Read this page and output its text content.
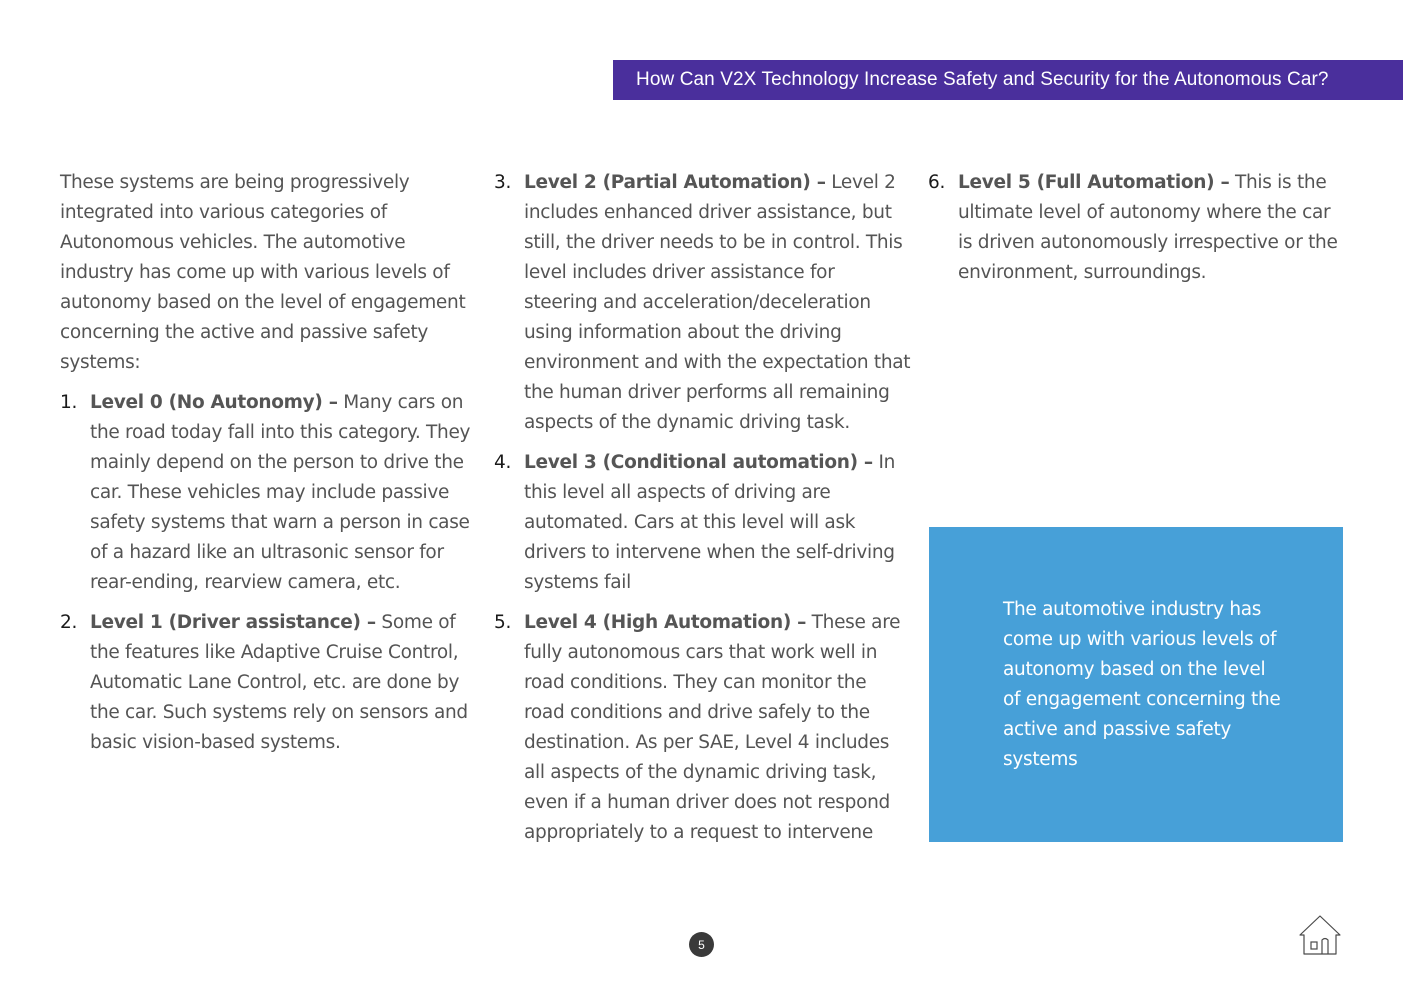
How Can V2X Technology Increase Safety and Security for the Autonomous Car?

These systems are being progressively integrated into various categories of Autonomous vehicles. The automotive industry has come up with various levels of autonomy based on the level of engagement concerning the active and passive safety systems:

1. Level 0 (No Autonomy) – Many cars on the road today fall into this category. They mainly depend on the person to drive the car. These vehicles may include passive safety systems that warn a person in case of a hazard like an ultrasonic sensor for rear-ending, rearview camera, etc.
2. Level 1 (Driver assistance) – Some of the features like Adaptive Cruise Control, Automatic Lane Control, etc. are done by the car. Such systems rely on sensors and basic vision-based systems.
3. Level 2 (Partial Automation) – Level 2 includes enhanced driver assistance, but still, the driver needs to be in control. This level includes driver assistance for steering and acceleration/deceleration using information about the driving environment and with the expectation that the human driver performs all remaining aspects of the dynamic driving task.
4. Level 3 (Conditional automation) – In this level all aspects of driving are automated. Cars at this level will ask drivers to intervene when the self-driving systems fail
5. Level 4 (High Automation) – These are fully autonomous cars that work well in road conditions. They can monitor the road conditions and drive safely to the destination. As per SAE, Level 4 includes all aspects of the dynamic driving task, even if a human driver does not respond appropriately to a request to intervene
6. Level 5 (Full Automation) – This is the ultimate level of autonomy where the car is driven autonomously irrespective or the environment, surroundings.
The automotive industry has come up with various levels of autonomy based on the level of engagement concerning the active and passive safety systems
5
